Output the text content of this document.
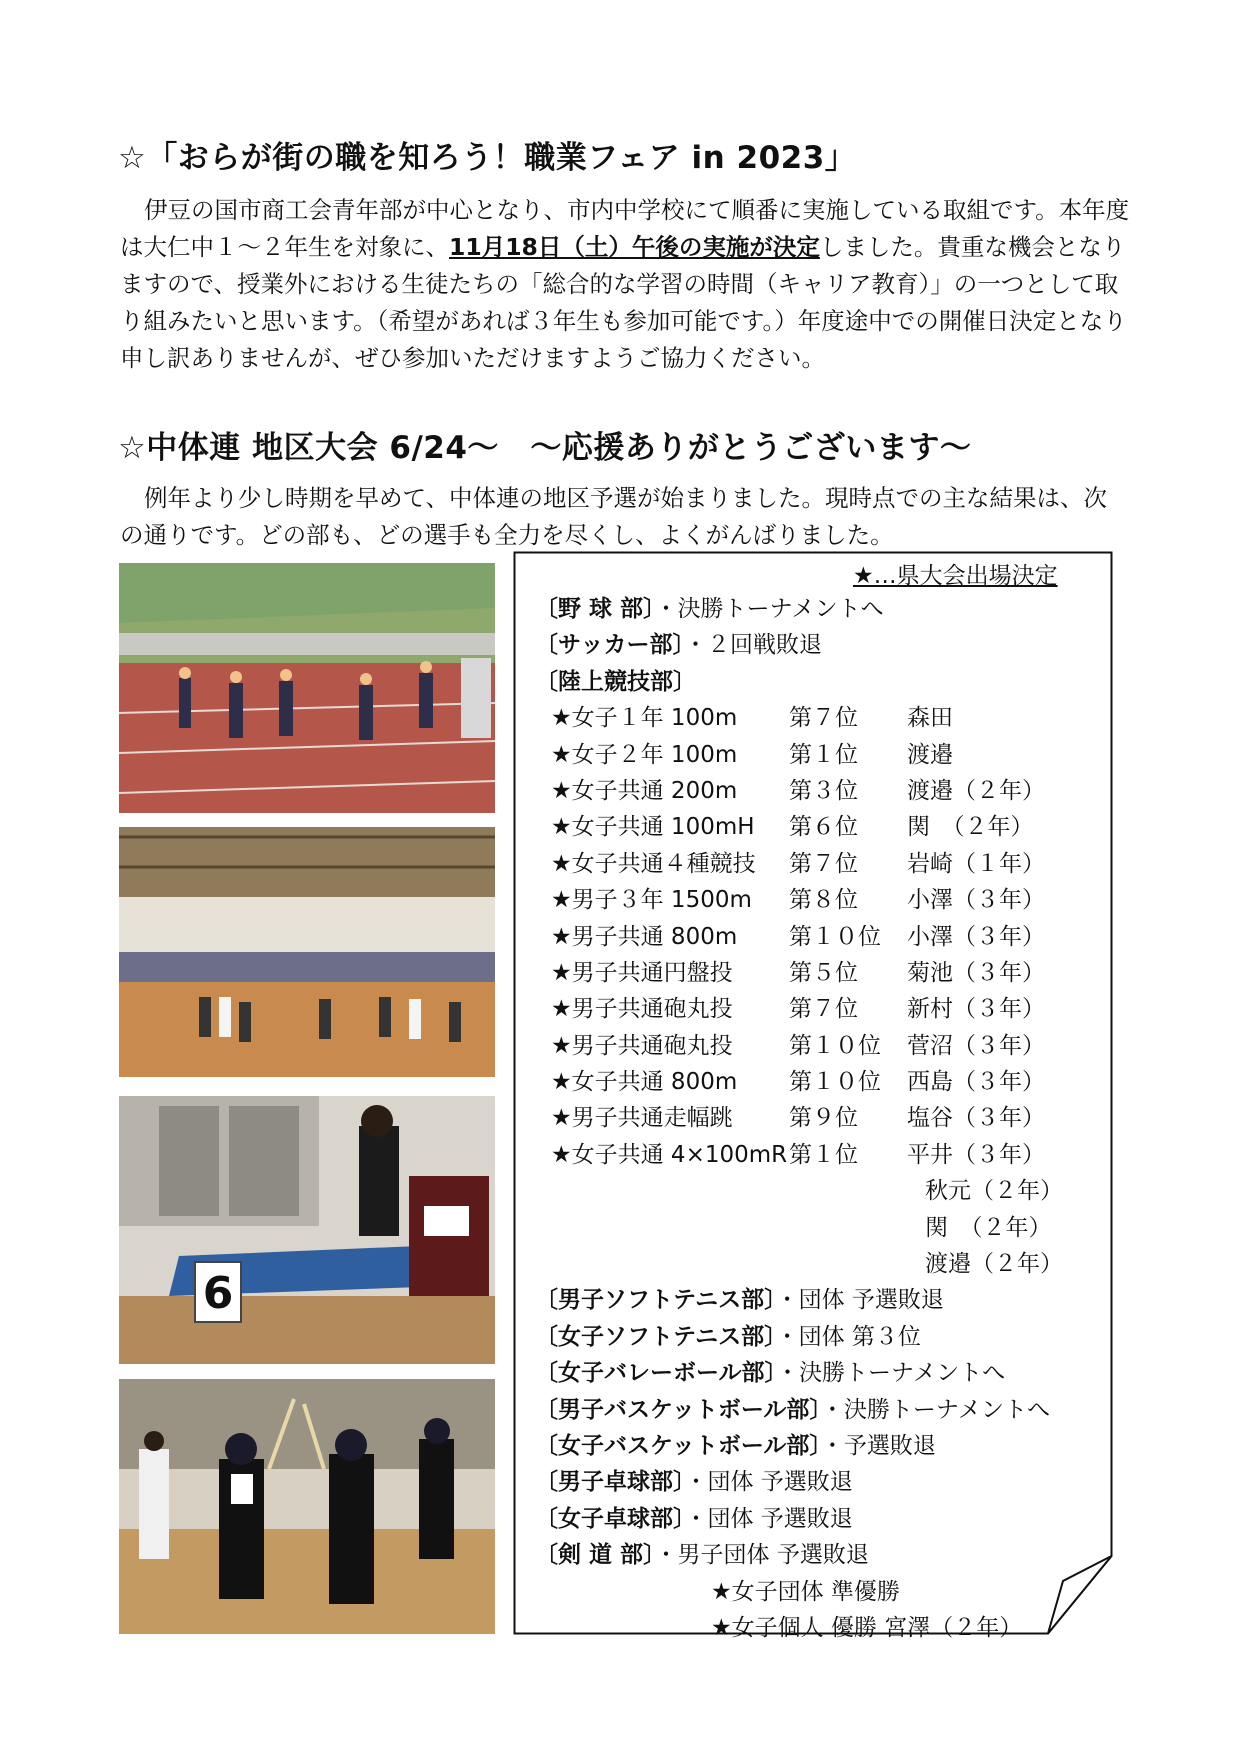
☆「おらが街の職を知ろう！職業フェア in 2023」

伊豆の国市商工会青年部が中心となり、市内中学校にて順番に実施している取組です。本年度は大仁中１～２年生を対象に、11月18日（土）午後の実施が決定しました。貴重な機会となりますので、授業外における生徒たちの「総合的な学習の時間（キャリア教育）」の一つとして取り組みたいと思います。（希望があれば３年生も参加可能です。）年度途中での開催日決定となり申し訳ありませんが、ぜひ参加いただけますようご協力ください。

☆中体連 地区大会 6/24～　～応援ありがとうございます～

例年より少し時期を早めて、中体連の地区予選が始まりました。現時点での主な結果は、次の通りです。どの部も、どの選手も全力を尽くし、よくがんばりました。

6
★…県大会出場決定
〔野 球 部〕・決勝トーナメントへ
〔サッカー部〕・２回戦敗退
〔陸上競技部〕
★女子１年 100m 第７位 森田
★女子２年 100m 第１位 渡邉
★女子共通 200m 第３位 渡邉（２年）
★女子共通 100mH 第６位 関　（２年）
★女子共通４種競技 第７位 岩崎（１年）
★男子３年 1500m 第８位 小澤（３年）
★男子共通 800m 第１０位 小澤（３年）
★男子共通円盤投 第５位 菊池（３年）
★男子共通砲丸投 第７位 新村（３年）
★男子共通砲丸投 第１０位 菅沼（３年）
★女子共通 800m 第１０位 西島（３年）
★男子共通走幅跳 第９位 塩谷（３年）
★女子共通 4×100mR第１位 平井（３年）
秋元（２年）
関　（２年）
渡邉（２年）
〔男子ソフトテニス部〕・団体 予選敗退
〔女子ソフトテニス部〕・団体 第３位
〔女子バレーボール部〕・決勝トーナメントへ
〔男子バスケットボール部〕・決勝トーナメントへ
〔女子バスケットボール部〕・予選敗退
〔男子卓球部〕・団体 予選敗退
〔女子卓球部〕・団体 予選敗退
〔剣 道 部〕・男子団体 予選敗退
★女子団体 準優勝
★女子個人 優勝 宮澤（２年）
